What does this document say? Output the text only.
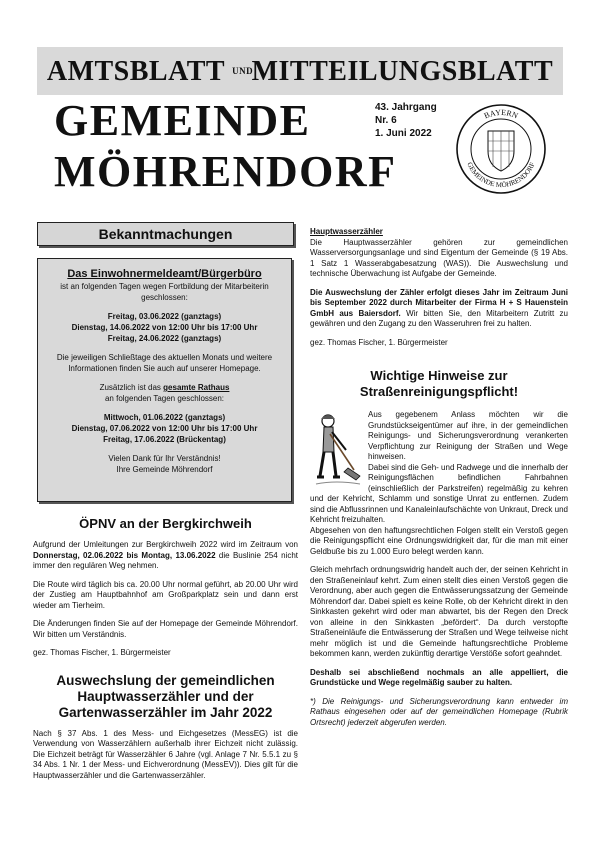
AMTSBLATT UND MITTEILUNGSBLATT
GEMEINDE
MÖHRENDORF
43. Jahrgang
Nr. 6
1. Juni 2022
BAYERN
GEMEINDE MÖHRENDORF
Bekanntmachungen
Das Einwohnermeldeamt/Bürgerbüro
ist an folgenden Tagen wegen Fortbildung der Mitarbeiterin geschlossen:
Freitag, 03.06.2022 (ganztags)
Dienstag, 14.06.2022 von 12:00 Uhr bis 17:00 Uhr
Freitag, 24.06.2022 (ganztags)
Die jeweiligen Schließtage des aktuellen Monats und weitere Informationen finden Sie auch auf unserer Homepage.
Zusätzlich ist das gesamte Rathaus
an folgenden Tagen geschlossen:
Mittwoch, 01.06.2022 (ganztags)
Dienstag, 07.06.2022 von 12:00 Uhr bis 17:00 Uhr
Freitag, 17.06.2022 (Brückentag)
Vielen Dank für Ihr Verständnis!
Ihre Gemeinde Möhrendorf
ÖPNV an der Bergkirchweih

Aufgrund der Umleitungen zur Bergkirchweih 2022 wird im Zeitraum von Donnerstag, 02.06.2022 bis Montag, 13.06.2022 die Buslinie 254 nicht immer den regulären Weg nehmen.

Die Route wird täglich bis ca. 20.00 Uhr normal geführt, ab 20.00 Uhr wird der Zustieg am Hauptbahnhof am Großparkplatz sein und dann erst wieder am Tierheim.

Die Änderungen finden Sie auf der Homepage der Gemeinde Möhrendorf. Wir bitten um Verständnis.

gez. Thomas Fischer, 1. Bürgermeister

Auswechslung der gemeindlichen Hauptwasserzähler und der Gartenwasserzähler im Jahr 2022

Nach § 37 Abs. 1 des Mess- und Eichgesetzes (MessEG) ist die Verwendung von Wasserzählern außerhalb ihrer Eichzeit nicht zulässig. Die Eichzeit beträgt für Wasserzähler 6 Jahre (vgl. Anlage 7 Nr. 5.5.1 zu § 34 Abs. 1 Nr. 1 der Mess- und Eichverordnung (MessEV)). Dies gilt für die Hauptwasserzähler und die Gartenwasserzähler.

Hauptwasserzähler

Die Hauptwasserzähler gehören zur gemeindlichen Wasserversorgungsanlage und sind Eigentum der Gemeinde (§ 19 Abs. 1 Satz 1 Wasserabgabesatzung (WAS)). Die Auswechslung und technische Überwachung ist Aufgabe der Gemeinde.

Die Auswechslung der Zähler erfolgt dieses Jahr im Zeitraum Juni bis September 2022 durch Mitarbeiter der Firma H + S Hauenstein GmbH aus Baiersdorf. Wir bitten Sie, den Mitarbeitern Zutritt zu gewähren und den Zugang zu den Wasseruhren frei zu halten.

gez. Thomas Fischer, 1. Bürgermeister

Wichtige Hinweise zur Straßenreinigungspflicht!

Aus gegebenem Anlass möchten wir die Grundstückseigentümer auf ihre, in der gemeindlichen Reinigungs- und Sicherungsverordnung verankerten Verpflichtung zur Reinigung der Straßen und Wege hinweisen.

Dabei sind die Geh- und Radwege und die innerhalb der Reinigungsflächen befindlichen Fahrbahnen (einschließlich der Parkstreifen) regelmäßig zu kehren und der Kehricht, Schlamm und sonstige Unrat zu entfernen. Zudem sind die Abflussrinnen und Kanaleinlaufschächte von Unkraut, Dreck und Kehricht freizuhalten.

Abgesehen von den haftungsrechtlichen Folgen stellt ein Verstoß gegen die Reinigungspflicht eine Ordnungswidrigkeit dar, für die man mit einer Geldbuße bis zu 1.000 Euro belegt werden kann.

Gleich mehrfach ordnungswidrig handelt auch der, der seinen Kehricht in den Straßeneinlauf kehrt. Zum einen stellt dies einen Verstoß gegen die Verordnung, aber auch gegen die Entwässerungssatzung der Gemeinde Möhrendorf dar. Dabei spielt es keine Rolle, ob der Kehricht direkt in den Sinkkasten gekehrt wird oder man abwartet, bis der Regen den Dreck von alleine in den Sinkkasten „befördert“. Da durch verstopfte Straßeneinläufe die Entwässerung der Straßen und Wege teilweise nicht mehr möglich ist und die Gemeinde haftungsrechtliche Probleme bekommen kann, werden zukünftig derartige Verstöße sofort geahndet.

Deshalb sei abschließend nochmals an alle appelliert, die Grundstücke und Wege regelmäßig sauber zu halten.

*) Die Reinigungs- und Sicherungsverordnung kann entweder im Rathaus eingesehen oder auf der gemeindlichen Homepage (Rubrik Ortsrecht) jederzeit abgerufen werden.
